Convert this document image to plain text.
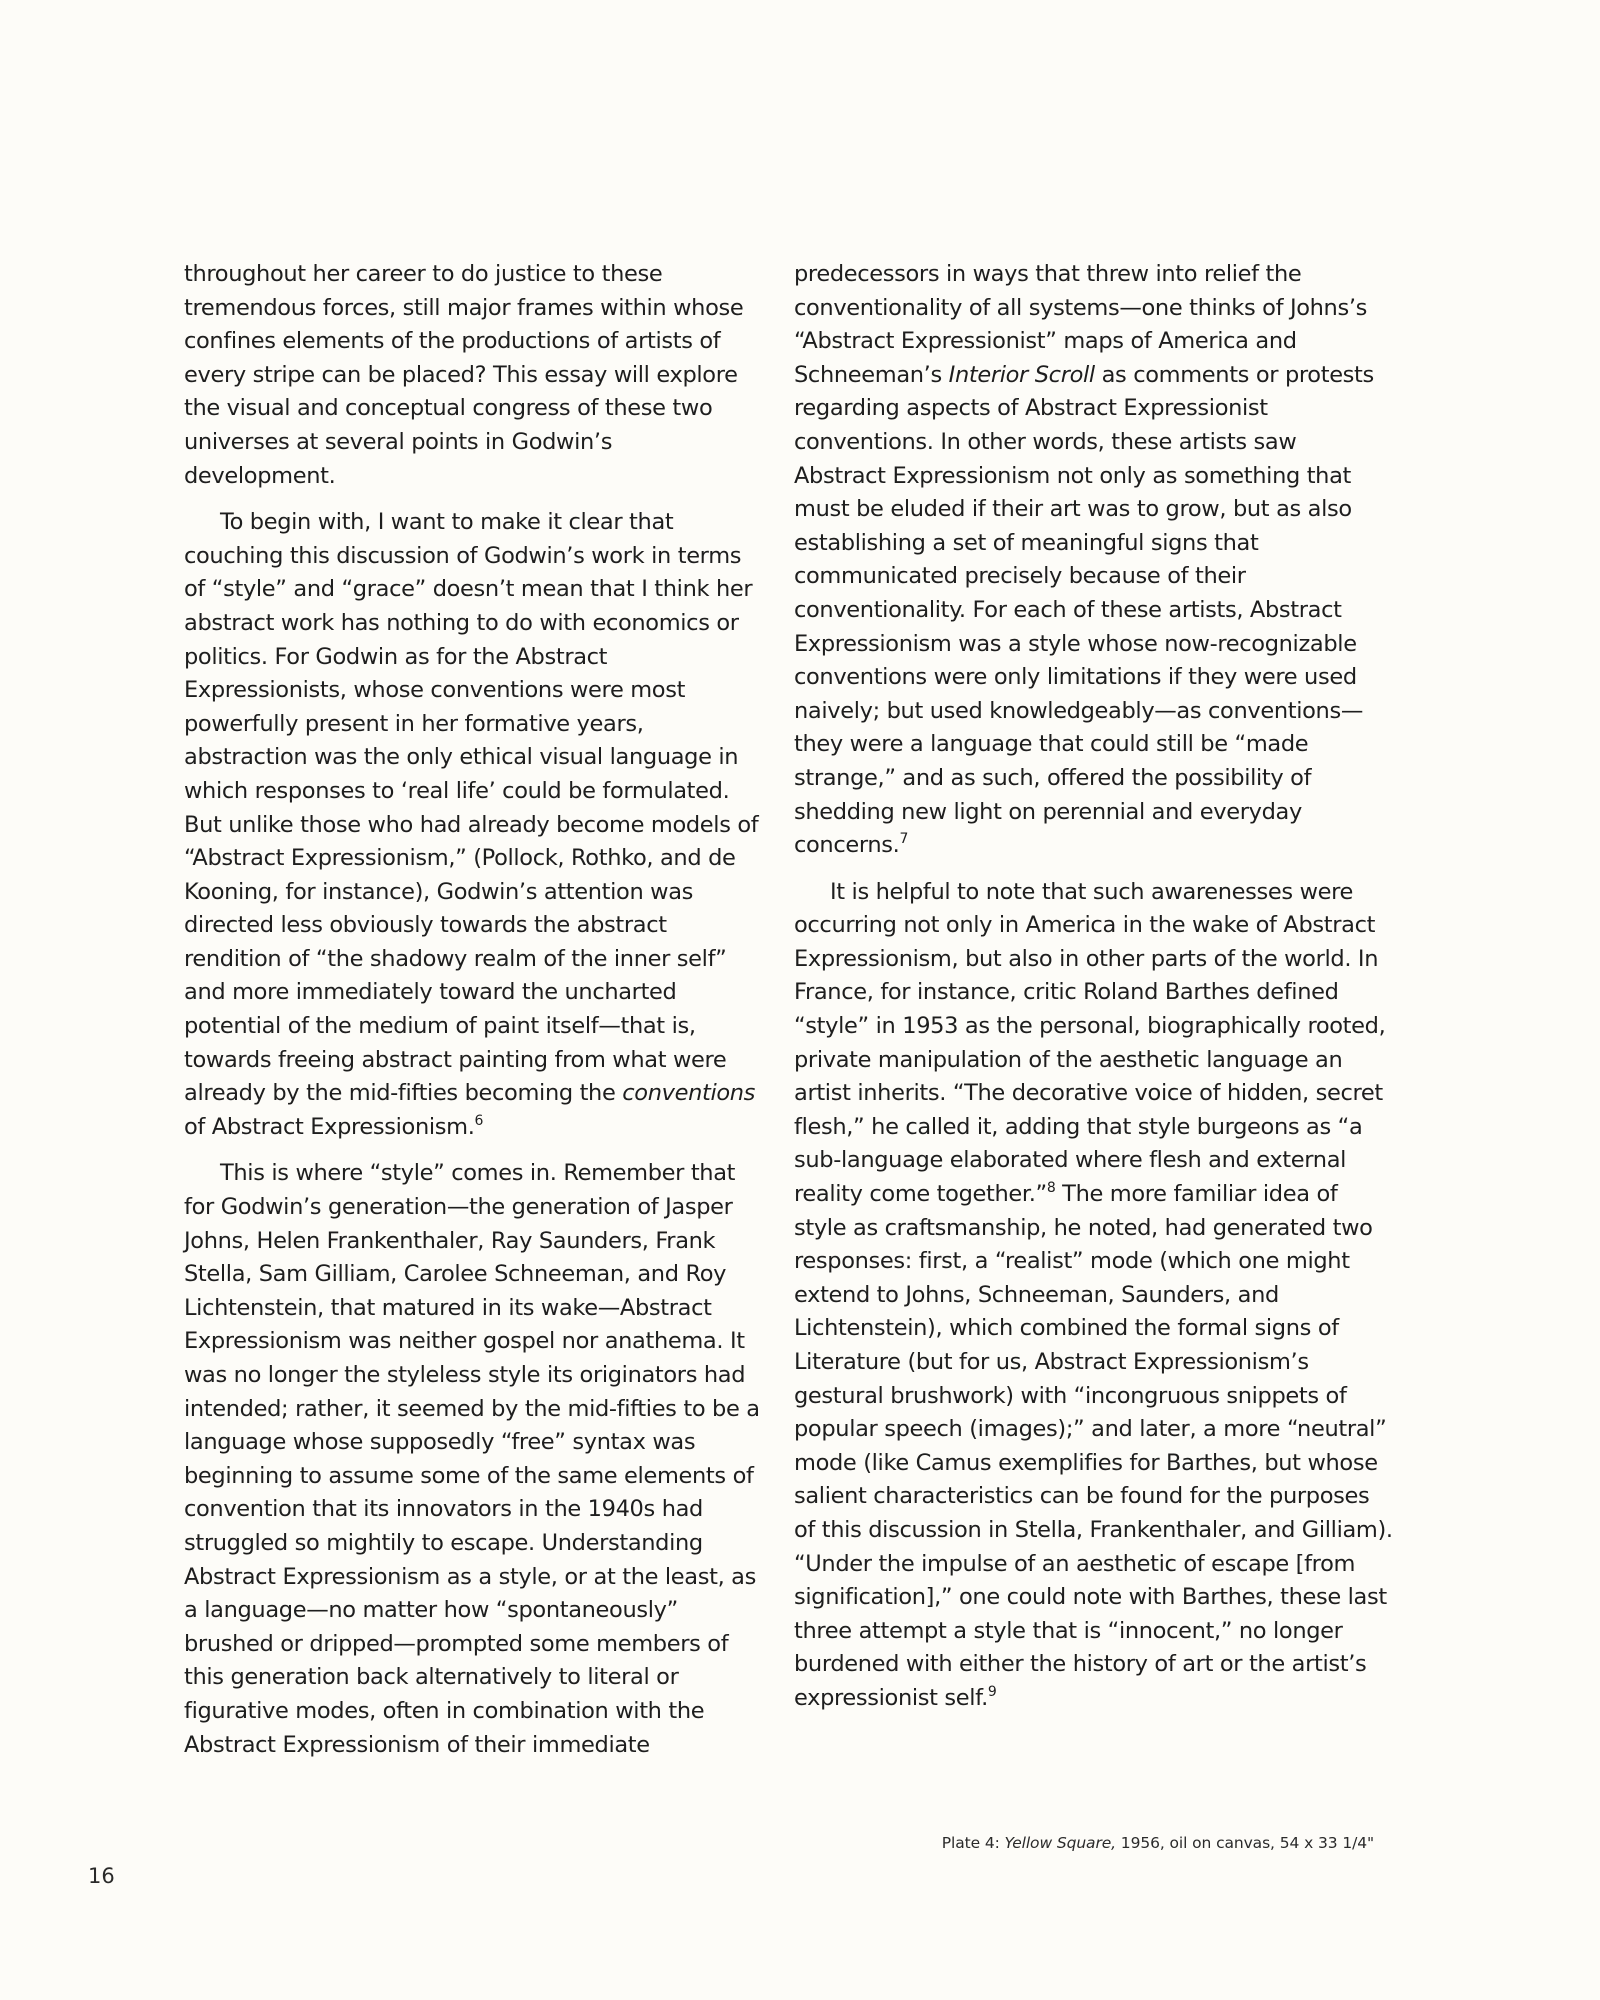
throughout her career to do justice to these tremendous forces, still major frames within whose confines elements of the productions of artists of every stripe can be placed? This essay will explore the visual and conceptual congress of these two universes at several points in Godwin’s development.

To begin with, I want to make it clear that couching this discussion of Godwin’s work in terms of “style” and “grace” doesn’t mean that I think her abstract work has nothing to do with economics or politics. For Godwin as for the Abstract Expressionists, whose conventions were most powerfully present in her formative years, abstraction was the only ethical visual language in which responses to ‘real life’ could be formulated. But unlike those who had already become models of “Abstract Expressionism,” (Pollock, Rothko, and de Kooning, for instance), Godwin’s attention was directed less obviously towards the abstract rendition of “the shadowy realm of the inner self” and more immediately toward the uncharted potential of the medium of paint itself—that is, towards freeing abstract painting from what were already by the mid-fifties becoming the conventions of Abstract Expressionism.$^6$

This is where “style” comes in. Remember that for Godwin’s generation—the generation of Jasper Johns, Helen Frankenthaler, Ray Saunders, Frank Stella, Sam Gilliam, Carolee Schneeman, and Roy Lichtenstein, that matured in its wake—Abstract Expressionism was neither gospel nor anathema. It was no longer the styleless style its originators had intended; rather, it seemed by the mid-fifties to be a language whose supposedly “free” syntax was beginning to assume some of the same elements of convention that its innovators in the 1940s had struggled so mightily to escape. Understanding Abstract Expressionism as a style, or at the least, as a language—no matter how “spontaneously” brushed or dripped—prompted some members of this generation back alternatively to literal or figurative modes, often in combination with the Abstract Expressionism of their immediate

predecessors in ways that threw into relief the conventionality of all systems—one thinks of Johns’s “Abstract Expressionist” maps of America and Schneeman’s Interior Scroll as comments or protests regarding aspects of Abstract Expressionist conventions. In other words, these artists saw Abstract Expressionism not only as something that must be eluded if their art was to grow, but as also establishing a set of meaningful signs that communicated precisely because of their conventionality. For each of these artists, Abstract Expressionism was a style whose now-recognizable conventions were only limitations if they were used naively; but used knowledgeably—as conventions—they were a language that could still be “made strange,” and as such, offered the possibility of shedding new light on perennial and everyday concerns.$^7$

It is helpful to note that such awarenesses were occurring not only in America in the wake of Abstract Expressionism, but also in other parts of the world. In France, for instance, critic Roland Barthes defined “style” in 1953 as the personal, biographically rooted, private manipulation of the aesthetic language an artist inherits. “The decorative voice of hidden, secret flesh,” he called it, adding that style burgeons as “a sub-language elaborated where flesh and external reality come together.”$^8$ The more familiar idea of style as craftsmanship, he noted, had generated two responses: first, a “realist” mode (which one might extend to Johns, Schneeman, Saunders, and Lichtenstein), which combined the formal signs of Literature (but for us, Abstract Expressionism’s gestural brushwork) with “incongruous snippets of popular speech (images);” and later, a more “neutral” mode (like Camus exemplifies for Barthes, but whose salient characteristics can be found for the purposes of this discussion in Stella, Frankenthaler, and Gilliam). “Under the impulse of an aesthetic of escape [from signification],” one could note with Barthes, these last three attempt a style that is “innocent,” no longer burdened with either the history of art or the artist’s expressionist self.$^9$

Plate 4: Yellow Square, 1956, oil on canvas, 54 x 33 1/4"
16
